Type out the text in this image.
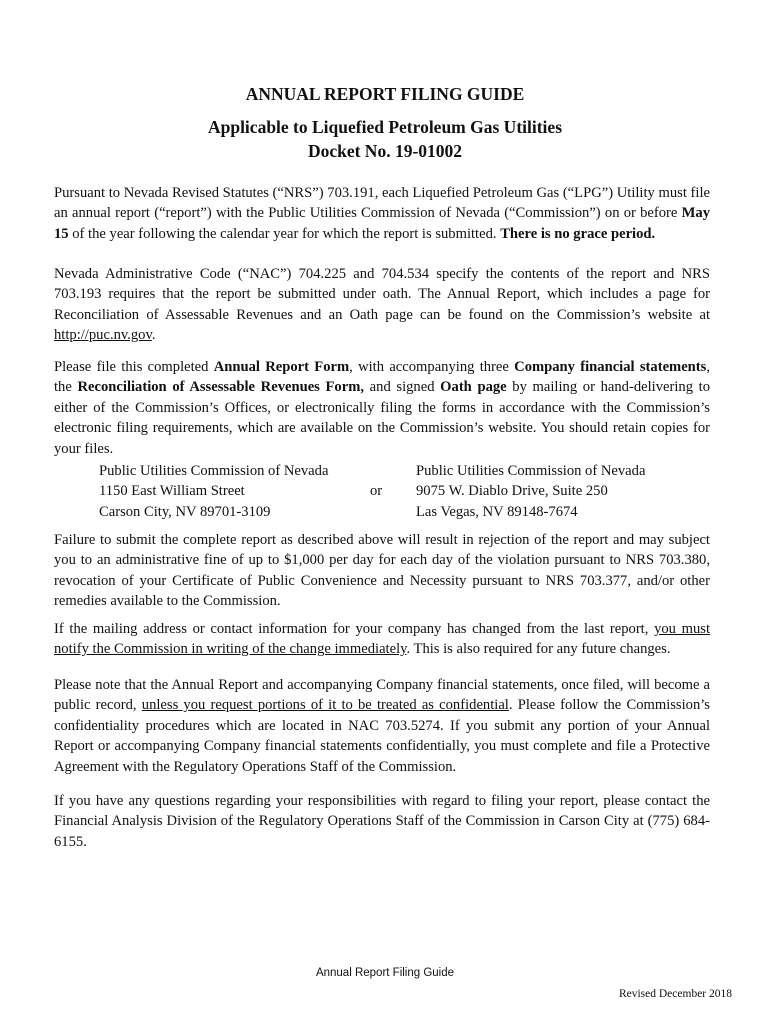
ANNUAL REPORT FILING GUIDE
Applicable to Liquefied Petroleum Gas Utilities
Docket No. 19-01002

Pursuant to Nevada Revised Statutes (“NRS”) 703.191, each Liquefied Petroleum Gas (“LPG”) Utility must file an annual report (“report”) with the Public Utilities Commission of Nevada (“Commission”) on or before May 15 of the year following the calendar year for which the report is submitted. There is no grace period.

Nevada Administrative Code (“NAC”) 704.225 and 704.534 specify the contents of the report and NRS 703.193 requires that the report be submitted under oath. The Annual Report, which includes a page for Reconciliation of Assessable Revenues and an Oath page can be found on the Commission’s website at http://puc.nv.gov.

Please file this completed Annual Report Form, with accompanying three Company financial statements, the Reconciliation of Assessable Revenues Form, and signed Oath page by mailing or hand-delivering to either of the Commission’s Offices, or electronically filing the forms in accordance with the Commission’s electronic filing requirements, which are available on the Commission’s website. You should retain copies for your files.

Public Utilities Commission of Nevada
1150 East William Street
Carson City, NV 89701-3109
or
Public Utilities Commission of Nevada
9075 W. Diablo Drive, Suite 250
Las Vegas, NV 89148-7674

Failure to submit the complete report as described above will result in rejection of the report and may subject you to an administrative fine of up to $1,000 per day for each day of the violation pursuant to NRS 703.380, revocation of your Certificate of Public Convenience and Necessity pursuant to NRS 703.377, and/or other remedies available to the Commission.

If the mailing address or contact information for your company has changed from the last report, you must notify the Commission in writing of the change immediately. This is also required for any future changes.

Please note that the Annual Report and accompanying Company financial statements, once filed, will become a public record, unless you request portions of it to be treated as confidential. Please follow the Commission’s confidentiality procedures which are located in NAC 703.5274. If you submit any portion of your Annual Report or accompanying Company financial statements confidentially, you must complete and file a Protective Agreement with the Regulatory Operations Staff of the Commission.

If you have any questions regarding your responsibilities with regard to filing your report, please contact the Financial Analysis Division of the Regulatory Operations Staff of the Commission in Carson City at (775) 684-6155.

Annual Report Filing Guide
Revised December 2018
